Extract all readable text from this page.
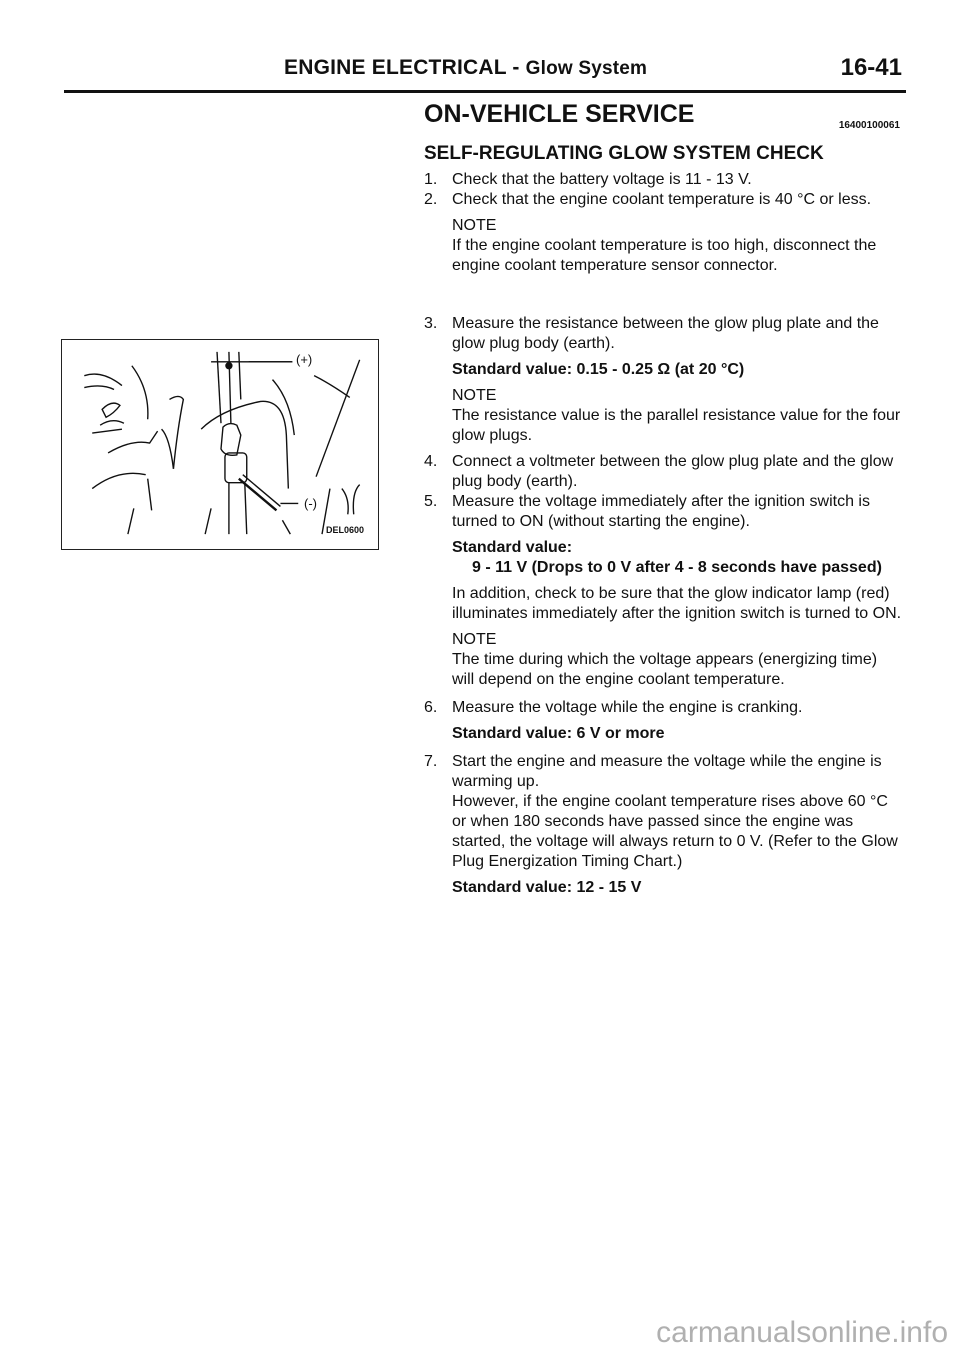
ENGINE ELECTRICAL - Glow System	16-41
(+)
(-)
DEL0600
ON-VEHICLE SERVICE	16400100061
SELF-REGULATING GLOW SYSTEM CHECK
1. Check that the battery voltage is 11 - 13 V.
2. Check that the engine coolant temperature is 40 °C or less.
NOTE
If the engine coolant temperature is too high, disconnect the engine coolant temperature sensor connector.
3. Measure the resistance between the glow plug plate and the glow plug body (earth).
Standard value: 0.15 - 0.25 Ω (at 20 °C)
NOTE
The resistance value is the parallel resistance value for the four glow plugs.
4. Connect a voltmeter between the glow plug plate and the glow plug body (earth).
5. Measure the voltage immediately after the ignition switch is turned to ON (without starting the engine).
Standard value:
9 - 11 V (Drops to 0 V after 4 - 8 seconds have passed)
In addition, check to be sure that the glow indicator lamp (red) illuminates immediately after the ignition switch is turned to ON.
NOTE
The time during which the voltage appears (energizing time) will depend on the engine coolant temperature.
6. Measure the voltage while the engine is cranking.
Standard value: 6 V or more
7. Start the engine and measure the voltage while the engine is warming up.
However, if the engine coolant temperature rises above 60 °C or when 180 seconds have passed since the engine was started, the voltage will always return to 0 V. (Refer to the Glow Plug Energization Timing Chart.)
Standard value: 12 - 15 V
carmanualsonline.info
